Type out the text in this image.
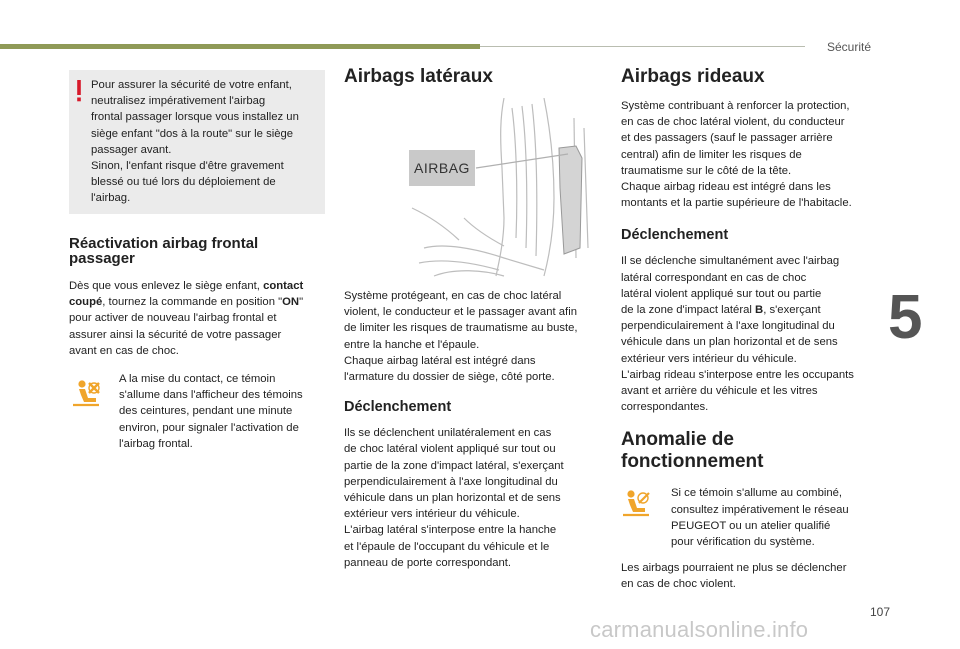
Sécurité
5
107
carmanualsonline.info

Pour assurer la sécurité de votre enfant,
neutralisez impérativement l'airbag
frontal passager lorsque vous installez un
siège enfant "dos à la route" sur le siège
passager avant.
Sinon, l'enfant risque d'être gravement
blessé ou tué lors du déploiement de
l'airbag.

Réactivation airbag frontal passager

Dès que vous enlevez le siège enfant, contact coupé, tournez la commande en position "ON"
pour activer de nouveau l'airbag frontal et
assurer ainsi la sécurité de votre passager
avant en cas de choc.

A la mise du contact, ce témoin
s'allume dans l'afficheur des témoins
des ceintures, pendant une minute
environ, pour signaler l'activation de
l'airbag frontal.

Airbags latéraux
AIRBAG

Système protégeant, en cas de choc latéral
violent, le conducteur et le passager avant afin
de limiter les risques de traumatisme au buste,
entre la hanche et l'épaule.
Chaque airbag latéral est intégré dans
l'armature du dossier de siège, côté porte.

Déclenchement

Ils se déclenchent unilatéralement en cas
de choc latéral violent appliqué sur tout ou
partie de la zone d'impact latéral, s'exerçant
perpendiculairement à l'axe longitudinal du
véhicule dans un plan horizontal et de sens
extérieur vers intérieur du véhicule.
L'airbag latéral s'interpose entre la hanche
et l'épaule de l'occupant du véhicule et le
panneau de porte correspondant.

Airbags rideaux

Système contribuant à renforcer la protection,
en cas de choc latéral violent, du conducteur
et des passagers (sauf le passager arrière
central) afin de limiter les risques de
traumatisme sur le côté de la tête.
Chaque airbag rideau est intégré dans les
montants et la partie supérieure de l'habitacle.

Déclenchement

Il se déclenche simultanément avec l'airbag
latéral correspondant en cas de choc
latéral violent appliqué sur tout ou partie
de la zone d'impact latéral B, s'exerçant
perpendiculairement à l'axe longitudinal du
véhicule dans un plan horizontal et de sens
extérieur vers intérieur du véhicule.
L'airbag rideau s'interpose entre les occupants
avant et arrière du véhicule et les vitres
correspondantes.

Anomalie de fonctionnement

Si ce témoin s'allume au combiné,
consultez impérativement le réseau
PEUGEOT ou un atelier qualifié
pour vérification du système.

Les airbags pourraient ne plus se déclencher
en cas de choc violent.
